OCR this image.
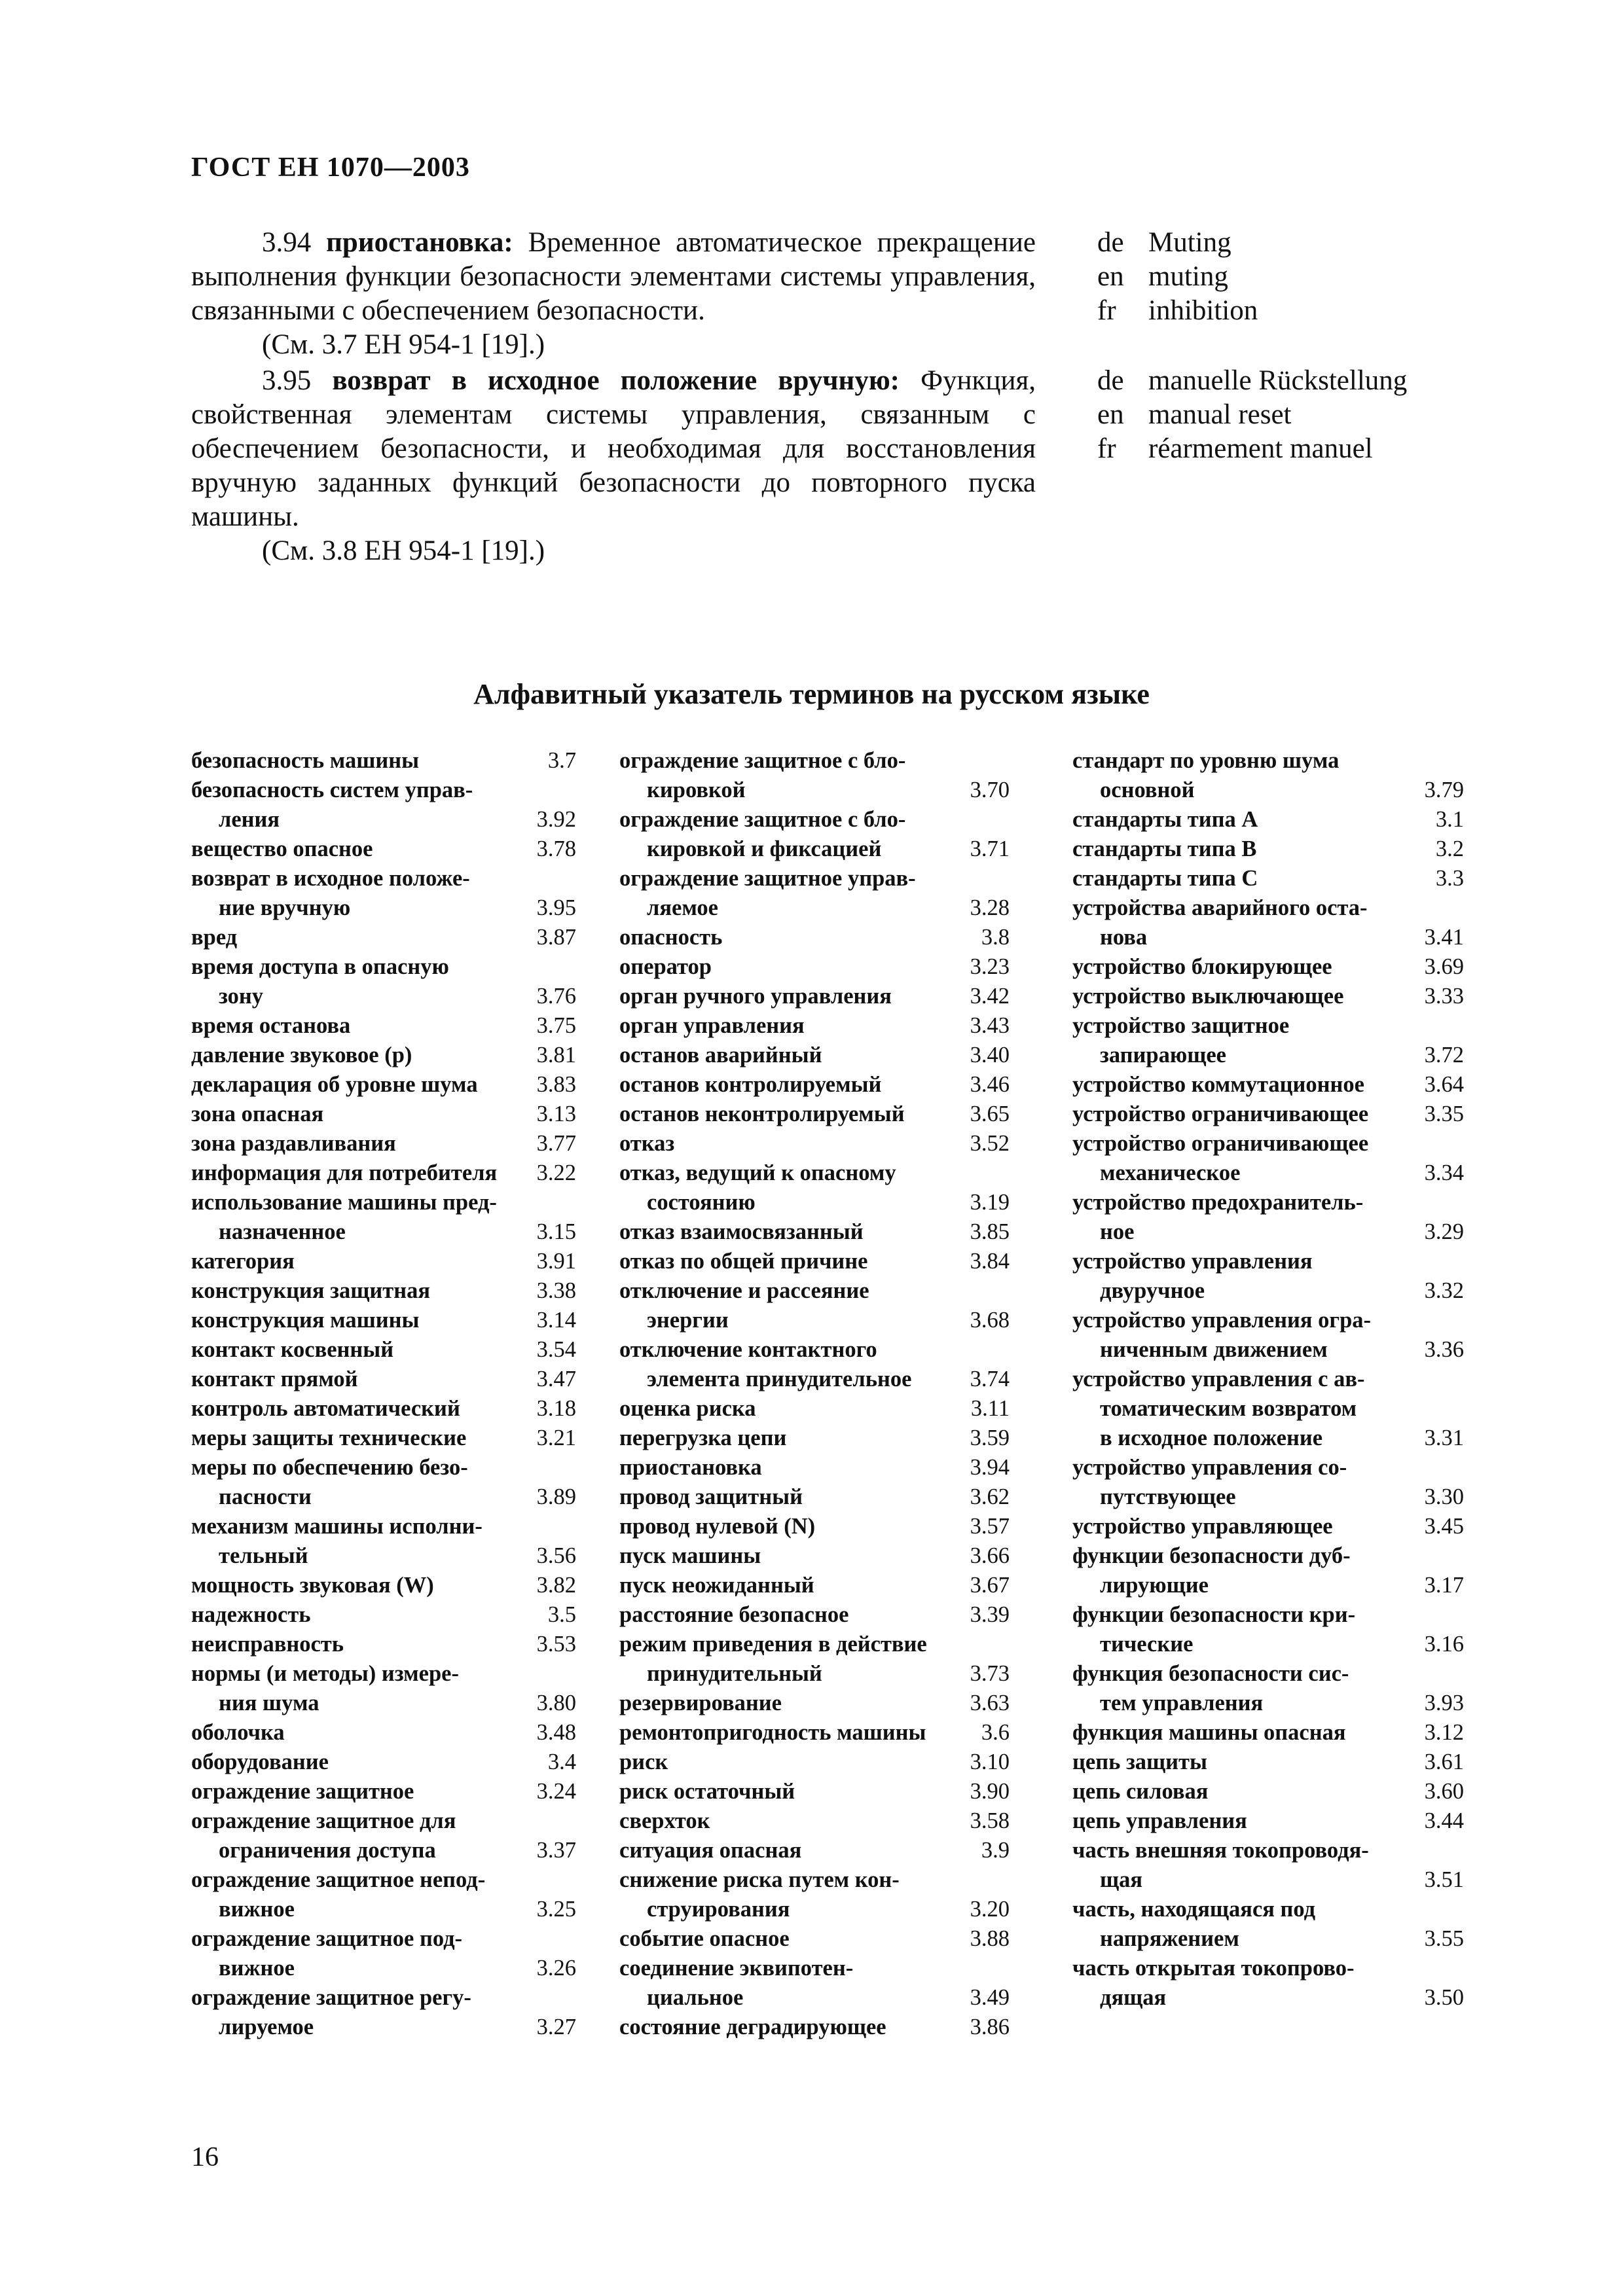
ГОСТ ЕН 1070—2003

3.94 приостановка: Временное автоматическое прекращение выполнения функции безопасности элементами системы управления, связанными с обеспечением безопасности.

(См. 3.7 ЕН 954-1 [19].)

de Muting
en muting
fr inhibition

3.95 возврат в исходное положение вручную: Функция, свойственная элементам системы управления, связанным с обеспечением безопасности, и необходимая для восстановления вручную заданных функций безопасности до повторного пуска машины.

(См. 3.8 ЕН 954-1 [19].)

de manuelle Rückstellung
en manual reset
fr réarmement manuel
Алфавитный указатель терминов на русском языке
безопасность машины	3.7
безопасность систем управ-
ления	3.92
вещество опасное	3.78
возврат в исходное положе-
ние вручную	3.95
вред	3.87
время доступа в опасную
зону	3.76
время останова	3.75
давление звуковое (p)	3.81
декларация об уровне шума	3.83
зона опасная	3.13
зона раздавливания	3.77
информация для потребителя	3.22
использование машины пред-
назначенное	3.15
категория	3.91
конструкция защитная	3.38
конструкция машины	3.14
контакт косвенный	3.54
контакт прямой	3.47
контроль автоматический	3.18
меры защиты технические	3.21
меры по обеспечению безо-
пасности	3.89
механизм машины исполни-
тельный	3.56
мощность звуковая (W)	3.82
надежность	3.5
неисправность	3.53
нормы (и методы) измере-
ния шума	3.80
оболочка	3.48
оборудование	3.4
ограждение защитное	3.24
ограждение защитное для
ограничения доступа	3.37
ограждение защитное непод-
вижное	3.25
ограждение защитное под-
вижное	3.26
ограждение защитное регу-
лируемое	3.27
ограждение защитное с бло-
кировкой	3.70
ограждение защитное с бло-
кировкой и фиксацией	3.71
ограждение защитное управ-
ляемое	3.28
опасность	3.8
оператор	3.23
орган ручного управления	3.42
орган управления	3.43
останов аварийный	3.40
останов контролируемый	3.46
останов неконтролируемый	3.65
отказ	3.52
отказ, ведущий к опасному
состоянию	3.19
отказ взаимосвязанный	3.85
отказ по общей причине	3.84
отключение и рассеяние
энергии	3.68
отключение контактного
элемента принудительное	3.74
оценка риска	3.11
перегрузка цепи	3.59
приостановка	3.94
провод защитный	3.62
провод нулевой (N)	3.57
пуск машины	3.66
пуск неожиданный	3.67
расстояние безопасное	3.39
режим приведения в действие
принудительный	3.73
резервирование	3.63
ремонтопригодность машины	3.6
риск	3.10
риск остаточный	3.90
сверхток	3.58
ситуация опасная	3.9
снижение риска путем кон-
струирования	3.20
событие опасное	3.88
соединение эквипотен-
циальное	3.49
состояние деградирующее	3.86
стандарт по уровню шума
основной	3.79
стандарты типа А	3.1
стандарты типа В	3.2
стандарты типа С	3.3
устройства аварийного оста-
нова	3.41
устройство блокирующее	3.69
устройство выключающее	3.33
устройство защитное
запирающее	3.72
устройство коммутационное	3.64
устройство ограничивающее	3.35
устройство ограничивающее
механическое	3.34
устройство предохранитель-
ное	3.29
устройство управления
двуручное	3.32
устройство управления огра-
ниченным движением	3.36
устройство управления с ав-
томатическим возвратом
в исходное положение	3.31
устройство управления со-
путствующее	3.30
устройство управляющее	3.45
функции безопасности дуб-
лирующие	3.17
функции безопасности кри-
тические	3.16
функция безопасности сис-
тем управления	3.93
функция машины опасная	3.12
цепь защиты	3.61
цепь силовая	3.60
цепь управления	3.44
часть внешняя токопроводя-
щая	3.51
часть, находящаяся под
напряжением	3.55
часть открытая токопрово-
дящая	3.50
16
